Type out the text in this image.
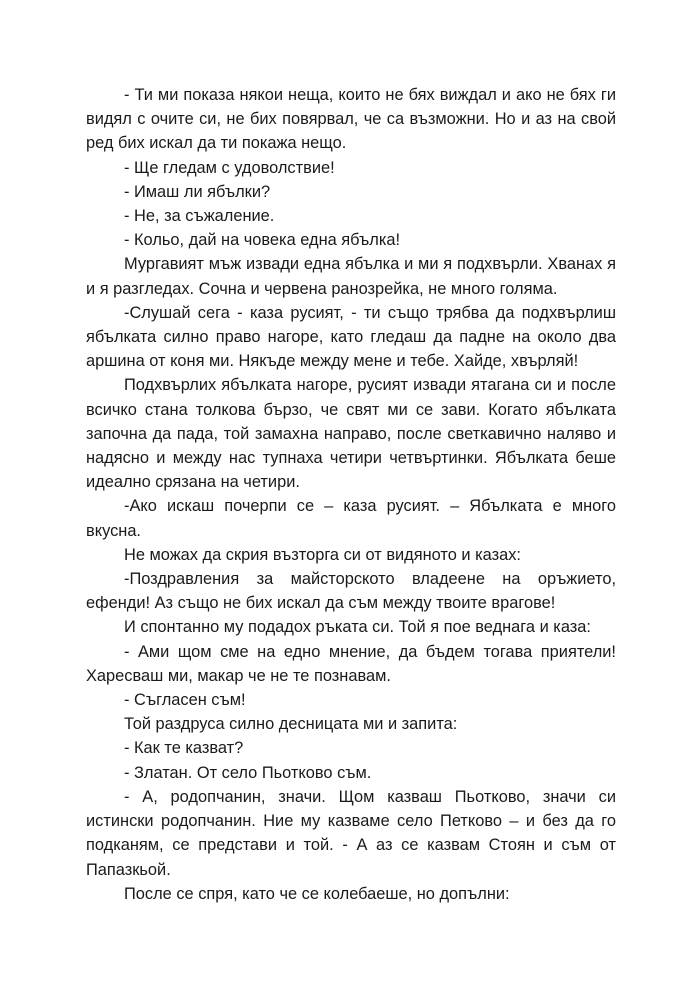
- Ти ми показа някои неща, които не бях виждал и ако не бях ги видял с очите си, не бих повярвал, че са възможни. Но и аз на свой ред бих искал да ти покажа нещо.

- Ще гледам с удоволствие!

- Имаш ли ябълки?

- Не, за съжаление.

- Кольо, дай на човека една ябълка!

Мургавият мъж извади една ябълка и ми я подхвърли. Хванах я и я разгледах. Сочна и червена ранозрейка, не много голяма.

-Слушай сега - каза русият, - ти също трябва да подхвърлиш ябълката силно право нагоре, като гледаш да падне на около два аршина от коня ми. Някъде между мене и тебе. Хайде, хвърляй!

Подхвърлих ябълката нагоре, русият извади ятагана си и после всичко стана толкова бързо, че свят ми се зави. Когато ябълката започна да пада, той замахна направо, после светкавично наляво и надясно и между нас тупнаха четири четвъртинки. Ябълката беше идеално срязана на четири.

-Ако искаш почерпи се – каза русият. – Ябълката е много вкусна.

Не можах да скрия възторга си от видяното и казах:

-Поздравления за майсторското владеене на оръжието, ефенди! Аз също не бих искал да съм между твоите врагове!

И спонтанно му подадох ръката си. Той я пое веднага и каза:

- Ами щом сме на едно мнение, да бъдем тогава приятели! Харесваш ми, макар че не те познавам.

- Съгласен съм!

Той раздруса силно десницата ми и запита:

- Как те казват?

- Златан. От село Пьотково съм.

- А, родопчанин, значи. Щом казваш Пьотково, значи си истински родопчанин. Ние му казваме село Петково – и без да го подканям, се представи и той. - А аз се казвам Стоян и съм от Папазкьой.

После се спря, като че се колебаеше, но допълни:
